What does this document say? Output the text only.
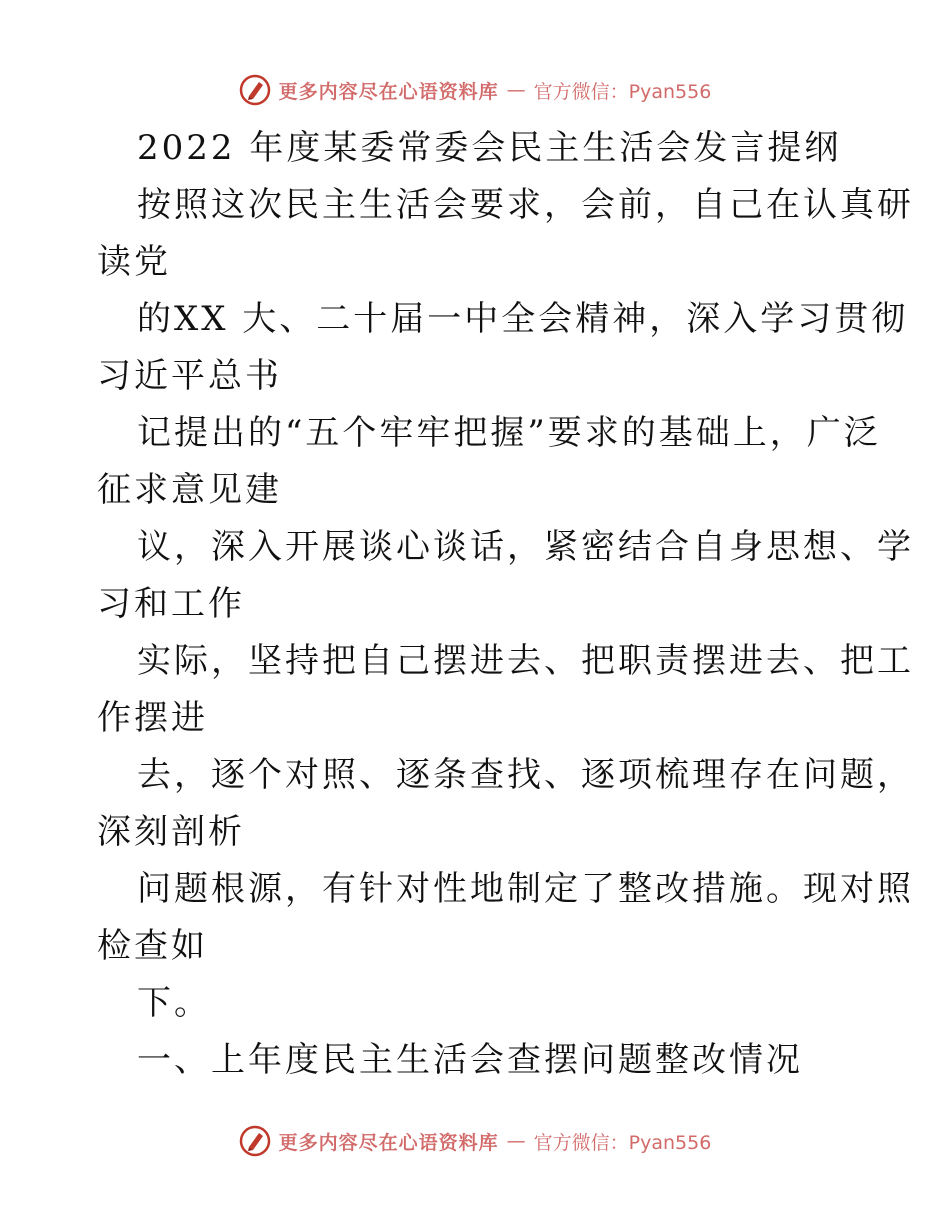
更多内容尽在心语资料库 — 官方微信：Pyan556
2022 年度某委常委会民主生活会发言提纲
按照这次民主生活会要求，会前，自己在认真研
读党
的XX 大、二十届一中全会精神，深入学习贯彻
习近平总书
记提出的“五个牢牢把握”要求的基础上，广泛
征求意见建
议，深入开展谈心谈话，紧密结合自身思想、学
习和工作
实际，坚持把自己摆进去、把职责摆进去、把工
作摆进
去，逐个对照、逐条查找、逐项梳理存在问题，
深刻剖析
问题根源，有针对性地制定了整改措施。现对照
检查如
下。
一、上年度民主生活会查摆问题整改情况
更多内容尽在心语资料库 — 官方微信：Pyan556
